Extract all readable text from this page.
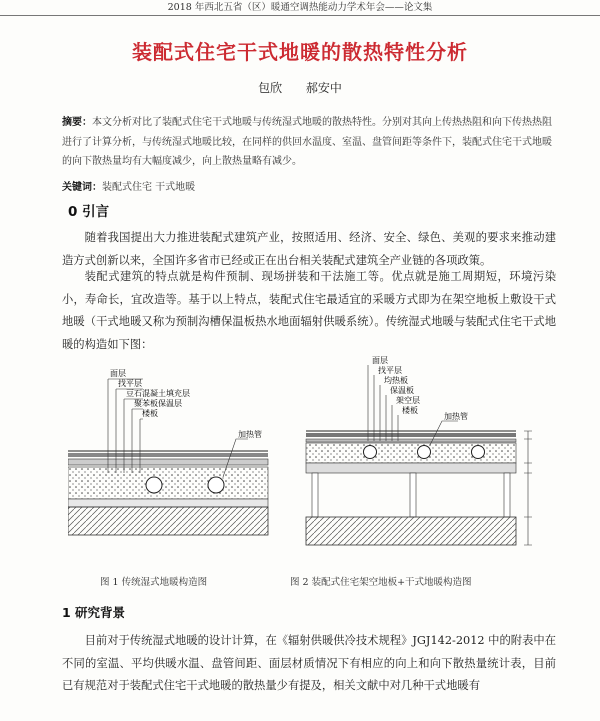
2018 年西北五省（区）暖通空调热能动力学术年会——论文集
装配式住宅干式地暖的散热特性分析
包欣 郝安中
摘要：本文分析对比了装配式住宅干式地暖与传统湿式地暖的散热特性。分别对其向上传热热阻和向下传热热阻进行了计算分析，与传统湿式地暖比较，在同样的供回水温度、室温、盘管间距等条件下，装配式住宅干式地暖的向下散热量均有大幅度减少，向上散热量略有减少。
关键词：装配式住宅 干式地暖
0 引言
随着我国提出大力推进装配式建筑产业，按照适用、经济、安全、绿色、美观的要求来推动建造方式创新以来，全国许多省市已经或正在出台相关装配式建筑全产业链的各项政策。
装配式建筑的特点就是构件预制、现场拼装和干法施工等。优点就是施工周期短，环境污染小，寿命长，宜改造等。基于以上特点，装配式住宅最适宜的采暖方式即为在架空地板上敷设干式地暖（干式地暖又称为预制沟槽保温板热水地面辐射供暖系统）。传统湿式地暖与装配式住宅干式地暖的构造如下图：
面层
找平层
豆石混凝土填充层
聚苯板保温层
楼板
加热管
面层
找平层
均热板
保温板
架空层
楼板
加热管
图 1 传统湿式地暖构造图	图 2 装配式住宅架空地板+干式地暖构造图
1 研究背景
目前对于传统湿式地暖的设计计算，在《辐射供暖供冷技术规程》JGJ142-2012 中的附表中在不同的室温、平均供暖水温、盘管间距、面层材质情况下有相应的向上和向下散热量统计表，目前已有规范对于装配式住宅干式地暖的散热量少有提及，相关文献中对几种干式地暖有
